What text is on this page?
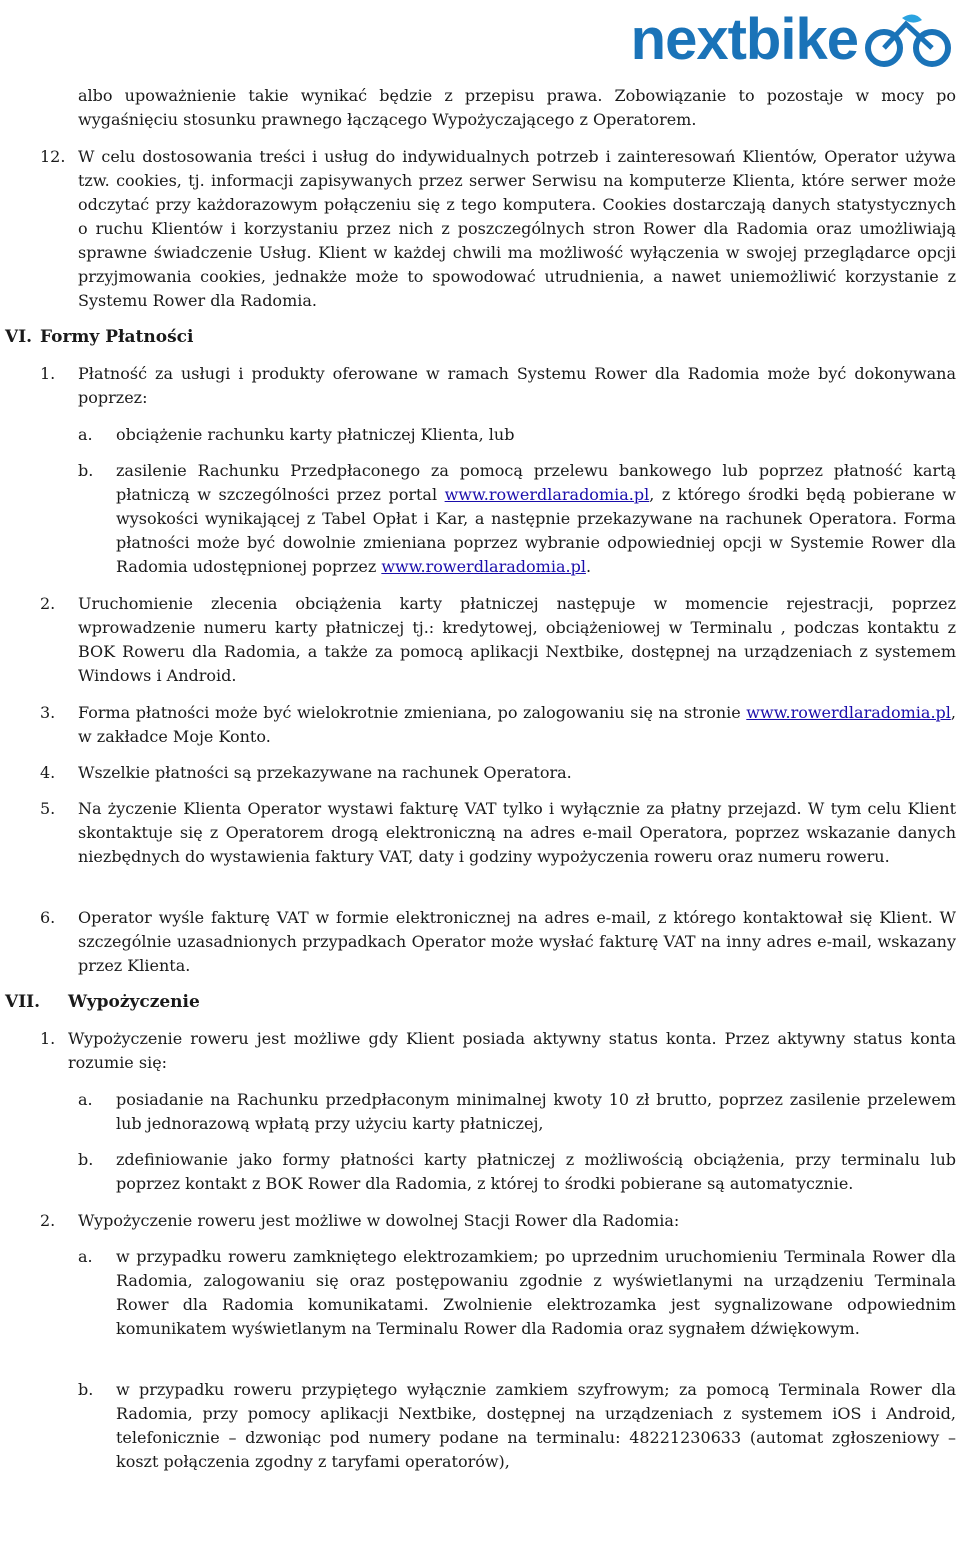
nextbike

albo upoważnienie takie wynikać będzie z przepisu prawa. Zobowiązanie to pozostaje w mocy po wygaśnięciu stosunku prawnego łączącego Wypożyczającego z Operatorem.

12. W celu dostosowania treści i usług do indywidualnych potrzeb i zainteresowań Klientów, Operator używa tzw. cookies, tj. informacji zapisywanych przez serwer Serwisu na komputerze Klienta, które serwer może odczytać przy każdorazowym połączeniu się z tego komputera. Cookies dostarczają danych statystycznych o ruchu Klientów i korzystaniu przez nich z poszczególnych stron Rower dla Radomia oraz umożliwiają sprawne świadczenie Usług. Klient w każdej chwili ma możliwość wyłączenia w swojej przeglądarce opcji przyjmowania cookies, jednakże może to spowodować utrudnienia, a nawet uniemożliwić korzystanie z Systemu Rower dla Radomia.

VI. Formy Płatności
1. Płatność za usługi i produkty oferowane w ramach Systemu Rower dla Radomia może być dokonywana poprzez:

a. obciążenie rachunku karty płatniczej Klienta, lub

b. zasilenie Rachunku Przedpłaconego za pomocą przelewu bankowego lub poprzez płatność kartą płatniczą w szczególności przez portal www.rowerdlaradomia.pl, z którego środki będą pobierane w wysokości wynikającej z Tabel Opłat i Kar, a następnie przekazywane na rachunek Operatora. Forma płatności może być dowolnie zmieniana poprzez wybranie odpowiedniej opcji w Systemie Rower dla Radomia udostępnionej poprzez www.rowerdlaradomia.pl.

2. Uruchomienie zlecenia obciążenia karty płatniczej następuje w momencie rejestracji, poprzez wprowadzenie numeru karty płatniczej tj.: kredytowej, obciążeniowej w Terminalu , podczas kontaktu z BOK Roweru dla Radomia, a także za pomocą aplikacji Nextbike, dostępnej na urządzeniach z systemem Windows i Android.

3. Forma płatności może być wielokrotnie zmieniana, po zalogowaniu się na stronie www.rowerdlaradomia.pl, w zakładce Moje Konto.

4. Wszelkie płatności są przekazywane na rachunek Operatora.

5. Na życzenie Klienta Operator wystawi fakturę VAT tylko i wyłącznie za płatny przejazd. W tym celu Klient skontaktuje się z Operatorem drogą elektroniczną na adres e-mail Operatora, poprzez wskazanie danych niezbędnych do wystawienia faktury VAT, daty i godziny wypożyczenia roweru oraz numeru roweru.

6. Operator wyśle fakturę VAT w formie elektronicznej na adres e-mail, z którego kontaktował się Klient. W szczególnie uzasadnionych przypadkach Operator może wysłać fakturę VAT na inny adres e-mail, wskazany przez Klienta.

VII. Wypożyczenie
1. Wypożyczenie roweru jest możliwe gdy Klient posiada aktywny status konta. Przez aktywny status konta rozumie się:

a. posiadanie na Rachunku przedpłaconym minimalnej kwoty 10 zł brutto, poprzez zasilenie przelewem lub jednorazową wpłatą przy użyciu karty płatniczej,

b. zdefiniowanie jako formy płatności karty płatniczej z możliwością obciążenia, przy terminalu lub poprzez kontakt z BOK Rower dla Radomia, z której to środki pobierane są automatycznie.

2. Wypożyczenie roweru jest możliwe w dowolnej Stacji Rower dla Radomia:

a. w przypadku roweru zamkniętego elektrozamkiem; po uprzednim uruchomieniu Terminala Rower dla Radomia, zalogowaniu się oraz postępowaniu zgodnie z wyświetlanymi na urządzeniu Terminala Rower dla Radomia komunikatami. Zwolnienie elektrozamka jest sygnalizowane odpowiednim komunikatem wyświetlanym na Terminalu Rower dla Radomia oraz sygnałem dźwiękowym.

b. w przypadku roweru przypiętego wyłącznie zamkiem szyfrowym; za pomocą Terminala Rower dla Radomia, przy pomocy aplikacji Nextbike, dostępnej na urządzeniach z systemem iOS i Android, telefonicznie – dzwoniąc pod numery podane na terminalu: 48221230633 (automat zgłoszeniowy – koszt połączenia zgodny z taryfami operatorów),
